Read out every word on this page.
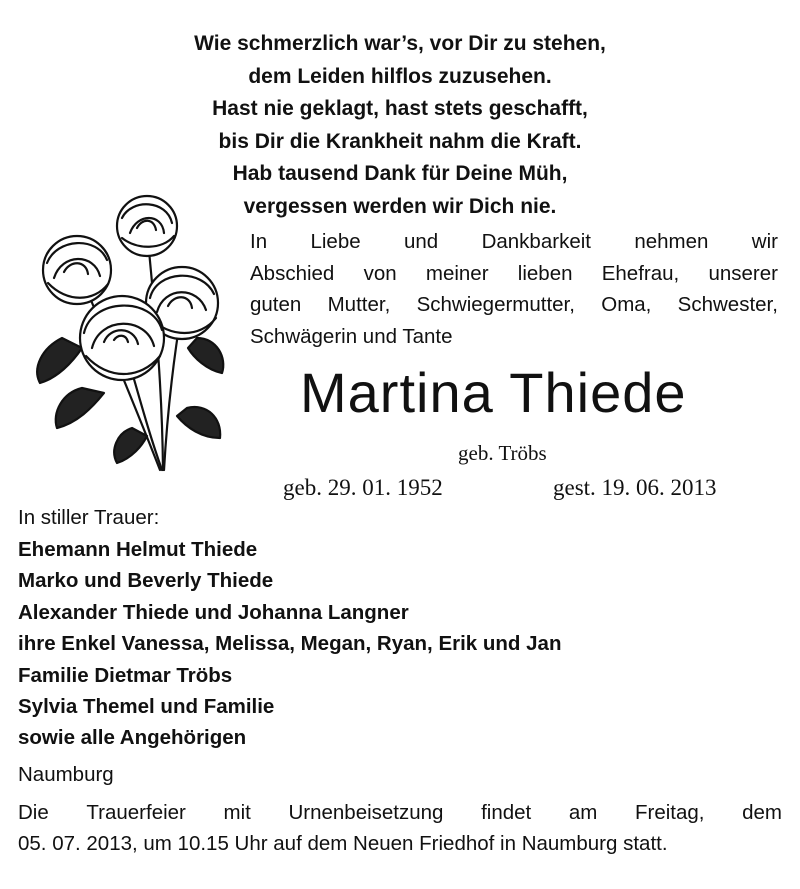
Wie schmerzlich war’s, vor Dir zu stehen,
dem Leiden hilflos zuzusehen.
Hast nie geklagt, hast stets geschafft,
bis Dir die Krankheit nahm die Kraft.
Hab tausend Dank für Deine Müh,
vergessen werden wir Dich nie.
In Liebe und Dankbarkeit nehmen wir
Abschied von meiner lieben Ehefrau, unserer
guten Mutter, Schwiegermutter, Oma, Schwester,
Schwägerin und Tante
Martina Thiede
geb. Tröbs
geb. 29. 01. 1952	gest. 19. 06. 2013
In stiller Trauer:
Ehemann Helmut Thiede
Marko und Beverly Thiede
Alexander Thiede und Johanna Langner
ihre Enkel Vanessa, Melissa, Megan, Ryan, Erik und Jan
Familie Dietmar Tröbs
Sylvia Themel und Familie
sowie alle Angehörigen
Naumburg
Die Trauerfeier mit Urnenbeisetzung findet am Freitag, dem
05. 07. 2013, um 10.15 Uhr auf dem Neuen Friedhof in Naumburg statt.
